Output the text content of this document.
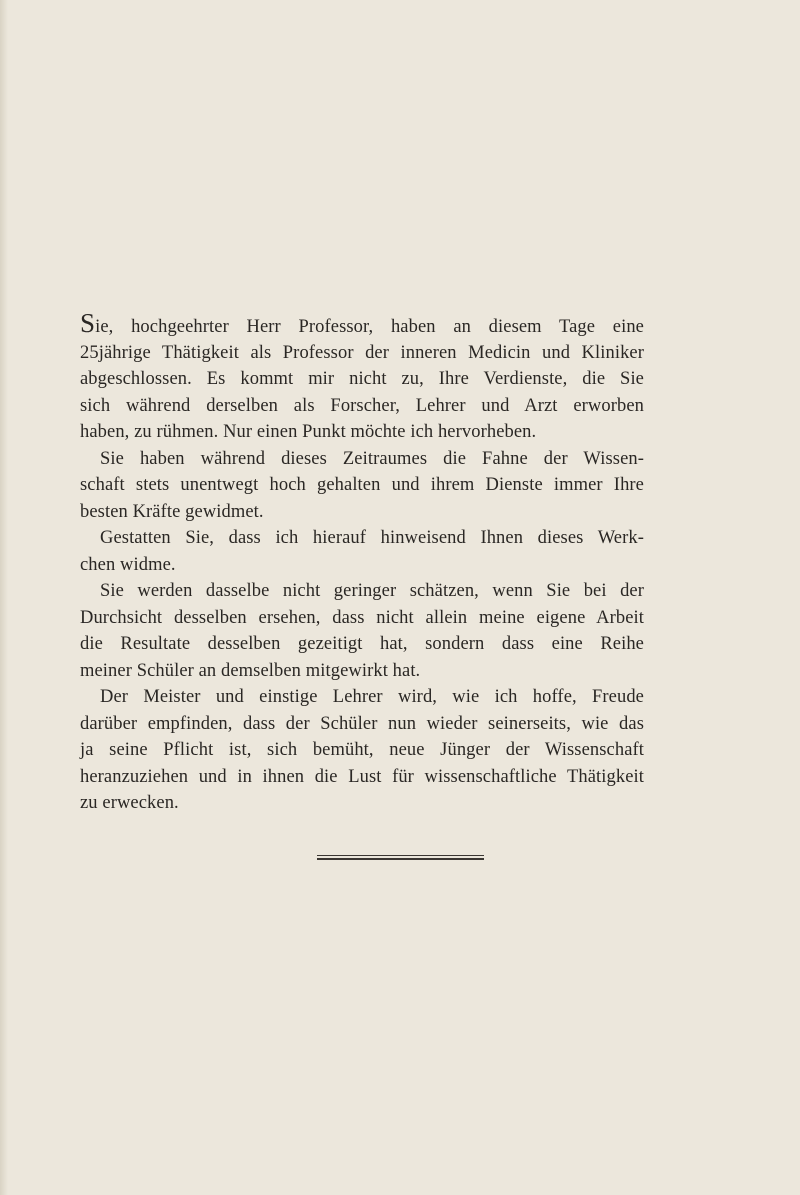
Sie, hochgeehrter Herr Professor, haben an diesem Tage eine
25jährige Thätigkeit als Professor der inneren Medicin und Kliniker
abgeschlossen. Es kommt mir nicht zu, Ihre Verdienste, die Sie
sich während derselben als Forscher, Lehrer und Arzt erworben
haben, zu rühmen. Nur einen Punkt möchte ich hervorheben.
Sie haben während dieses Zeitraumes die Fahne der Wissen-
schaft stets unentwegt hoch gehalten und ihrem Dienste immer Ihre
besten Kräfte gewidmet.
Gestatten Sie, dass ich hierauf hinweisend Ihnen dieses Werk-
chen widme.
Sie werden dasselbe nicht geringer schätzen, wenn Sie bei der
Durchsicht desselben ersehen, dass nicht allein meine eigene Arbeit
die Resultate desselben gezeitigt hat, sondern dass eine Reihe
meiner Schüler an demselben mitgewirkt hat.
Der Meister und einstige Lehrer wird, wie ich hoffe, Freude
darüber empfinden, dass der Schüler nun wieder seinerseits, wie das
ja seine Pflicht ist, sich bemüht, neue Jünger der Wissenschaft
heranzuziehen und in ihnen die Lust für wissenschaftliche Thätigkeit
zu erwecken.
